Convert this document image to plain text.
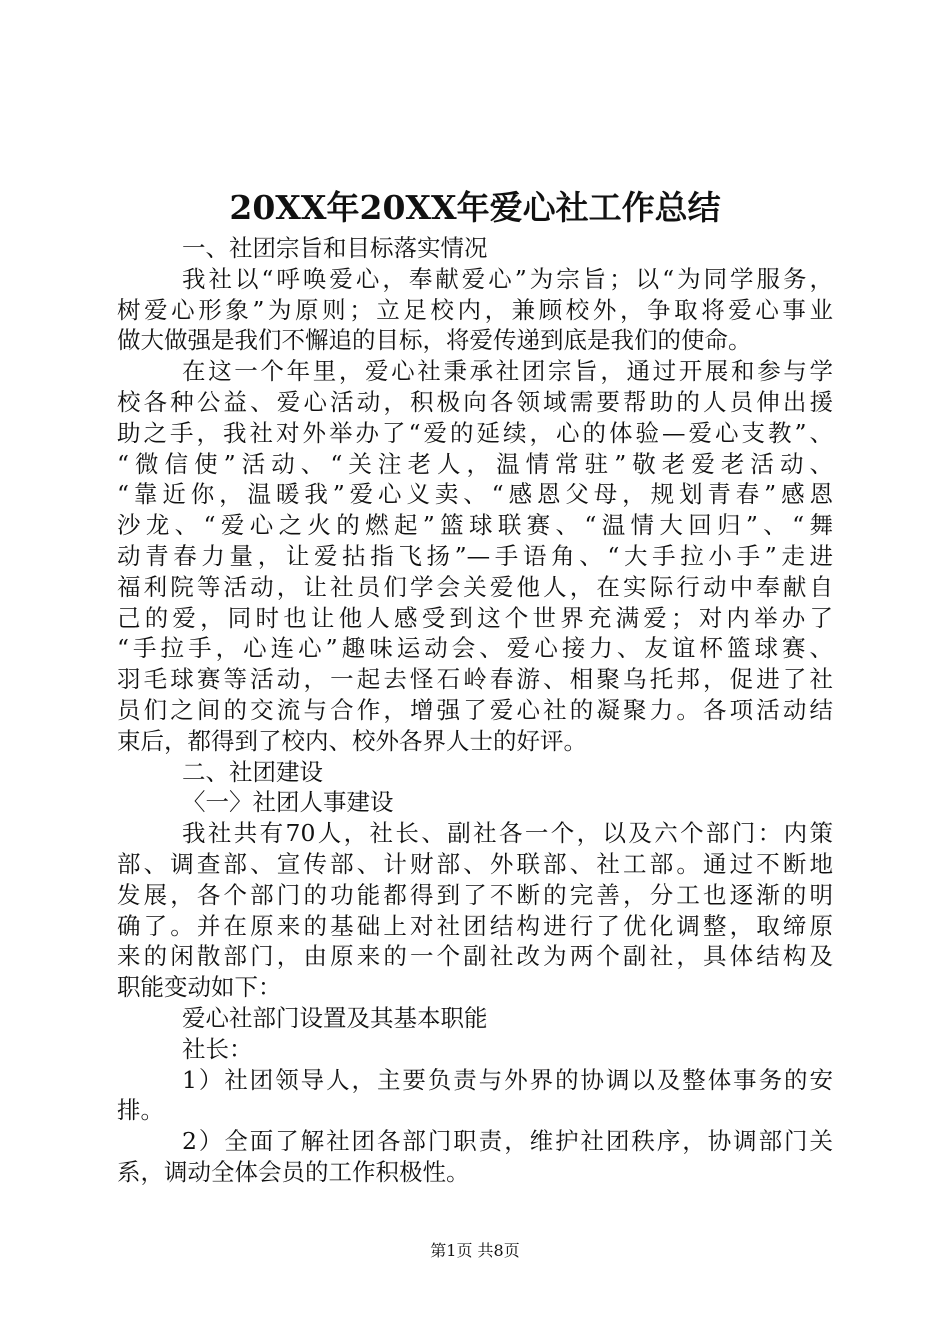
20XX年20XX年爱心社工作总结
一、社团宗旨和目标落实情况
我社以“呼唤爱心，奉献爱心”为宗旨；以“为同学服务，
树爱心形象”为原则；立足校内，兼顾校外，争取将爱心事业
做大做强是我们不懈追的目标，将爱传递到底是我们的使命。
在这一个年里，爱心社秉承社团宗旨，通过开展和参与学
校各种公益、爱心活动，积极向各领域需要帮助的人员伸出援
助之手，我社对外举办了“爱的延续，心的体验—爱心支教”、
“微信使”活动、“关注老人，温情常驻”敬老爱老活动、
“靠近你，温暖我”爱心义卖、“感恩父母，规划青春”感恩
沙龙、“爱心之火的燃起”篮球联赛、“温情大回归”、“舞
动青春力量，让爱拈指飞扬”—手语角、“大手拉小手”走进
福利院等活动，让社员们学会关爱他人，在实际行动中奉献自
己的爱，同时也让他人感受到这个世界充满爱；对内举办了
“手拉手，心连心”趣味运动会、爱心接力、友谊杯篮球赛、
羽毛球赛等活动，一起去怪石岭春游、相聚乌托邦，促进了社
员们之间的交流与合作，增强了爱心社的凝聚力。各项活动结
束后，都得到了校内、校外各界人士的好评。
二、社团建设
〈一〉社团人事建设
我社共有70人，社长、副社各一个，以及六个部门：内策
部、调查部、宣传部、计财部、外联部、社工部。通过不断地
发展，各个部门的功能都得到了不断的完善，分工也逐渐的明
确了。并在原来的基础上对社团结构进行了优化调整，取缔原
来的闲散部门，由原来的一个副社改为两个副社，具体结构及
职能变动如下：
爱心社部门设置及其基本职能
社长：
1）社团领导人，主要负责与外界的协调以及整体事务的安
排。
2）全面了解社团各部门职责，维护社团秩序，协调部门关
系，调动全体会员的工作积极性。
第1页 共8页
